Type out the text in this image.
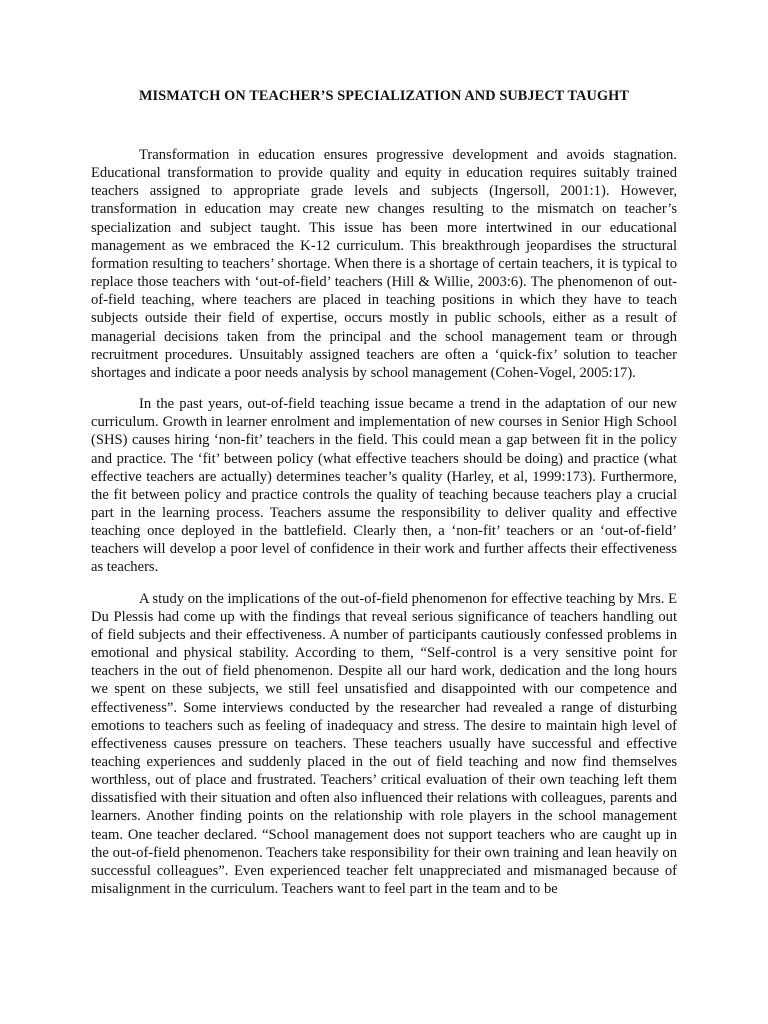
MISMATCH ON TEACHER’S SPECIALIZATION AND SUBJECT TAUGHT

Transformation in education ensures progressive development and avoids stagnation. Educational transformation to provide quality and equity in education requires suitably trained teachers assigned to appropriate grade levels and subjects (Ingersoll, 2001:1). However, transformation in education may create new changes resulting to the mismatch on teacher’s specialization and subject taught. This issue has been more intertwined in our educational management as we embraced the K-12 curriculum. This breakthrough jeopardises the structural formation resulting to teachers’ shortage. When there is a shortage of certain teachers, it is typical to replace those teachers with ‘out-of-field’ teachers (Hill & Willie, 2003:6). The phenomenon of out-of-field teaching, where teachers are placed in teaching positions in which they have to teach subjects outside their field of expertise, occurs mostly in public schools, either as a result of managerial decisions taken from the principal and the school management team or through recruitment procedures. Unsuitably assigned teachers are often a ‘quick-fix’ solution to teacher shortages and indicate a poor needs analysis by school management (Cohen-Vogel, 2005:17).

In the past years, out-of-field teaching issue became a trend in the adaptation of our new curriculum. Growth in learner enrolment and implementation of new courses in Senior High School (SHS) causes hiring ‘non-fit’ teachers in the field. This could mean a gap between fit in the policy and practice. The ‘fit’ between policy (what effective teachers should be doing) and practice (what effective teachers are actually) determines teacher’s quality (Harley, et al, 1999:173). Furthermore, the fit between policy and practice controls the quality of teaching because teachers play a crucial part in the learning process. Teachers assume the responsibility to deliver quality and effective teaching once deployed in the battlefield. Clearly then, a ‘non-fit’ teachers or an ‘out-of-field’ teachers will develop a poor level of confidence in their work and further affects their effectiveness as teachers.

A study on the implications of the out-of-field phenomenon for effective teaching by Mrs. E Du Plessis had come up with the findings that reveal serious significance of teachers handling out of field subjects and their effectiveness. A number of participants cautiously confessed problems in emotional and physical stability. According to them, “Self-control is a very sensitive point for teachers in the out of field phenomenon. Despite all our hard work, dedication and the long hours we spent on these subjects, we still feel unsatisfied and disappointed with our competence and effectiveness”. Some interviews conducted by the researcher had revealed a range of disturbing emotions to teachers such as feeling of inadequacy and stress. The desire to maintain high level of effectiveness causes pressure on teachers. These teachers usually have successful and effective teaching experiences and suddenly placed in the out of field teaching and now find themselves worthless, out of place and frustrated. Teachers’ critical evaluation of their own teaching left them dissatisfied with their situation and often also influenced their relations with colleagues, parents and learners. Another finding points on the relationship with role players in the school management team. One teacher declared. “School management does not support teachers who are caught up in the out-of-field phenomenon. Teachers take responsibility for their own training and lean heavily on successful colleagues”. Even experienced teacher felt unappreciated and mismanaged because of misalignment in the curriculum. Teachers want to feel part in the team and to be
